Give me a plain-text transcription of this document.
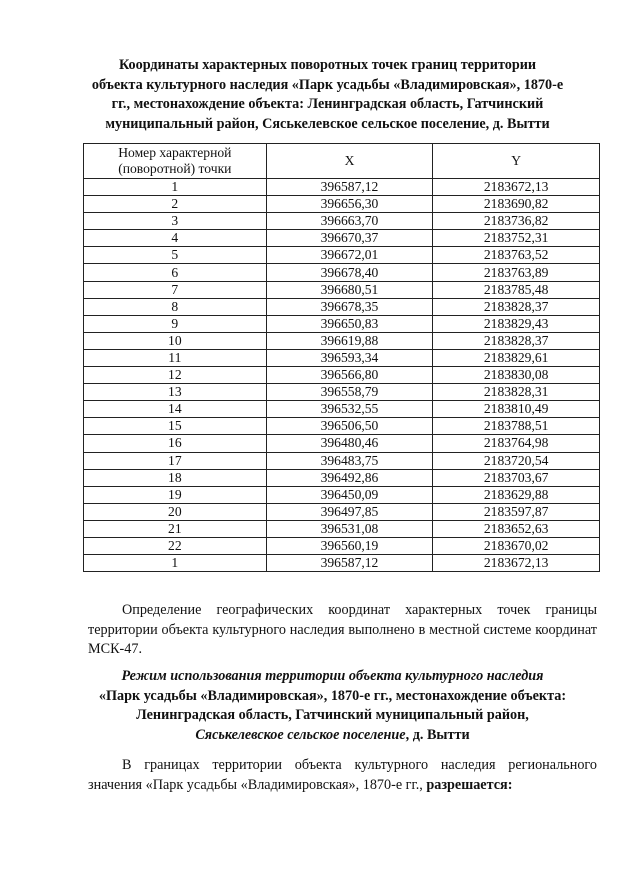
Координаты характерных поворотных точек границ территории
объекта культурного наследия «Парк усадьбы «Владимировская», 1870-е
гг., местонахождение объекта: Ленинградская область, Гатчинский
муниципальный район, Сяськелевское сельское поселение, д. Вытти
Номер характерной
(поворотной) точки	X	Y
1	396587,12	2183672,13
2	396656,30	2183690,82
3	396663,70	2183736,82
4	396670,37	2183752,31
5	396672,01	2183763,52
6	396678,40	2183763,89
7	396680,51	2183785,48
8	396678,35	2183828,37
9	396650,83	2183829,43
10	396619,88	2183828,37
11	396593,34	2183829,61
12	396566,80	2183830,08
13	396558,79	2183828,31
14	396532,55	2183810,49
15	396506,50	2183788,51
16	396480,46	2183764,98
17	396483,75	2183720,54
18	396492,86	2183703,67
19	396450,09	2183629,88
20	396497,85	2183597,87
21	396531,08	2183652,63
22	396560,19	2183670,02
1	396587,12	2183672,13
Определение географических координат характерных точек границы территории объекта культурного наследия выполнено в местной системе координат МСК-47.
Режим использования территории объекта культурного наследия
«Парк усадьбы «Владимировская», 1870-е гг., местонахождение объекта:
Ленинградская область, Гатчинский муниципальный район,
Сяськелевское сельское поселение, д. Вытти
В границах территории объекта культурного наследия регионального значения «Парк усадьбы «Владимировская», 1870-е гг., разрешается:
